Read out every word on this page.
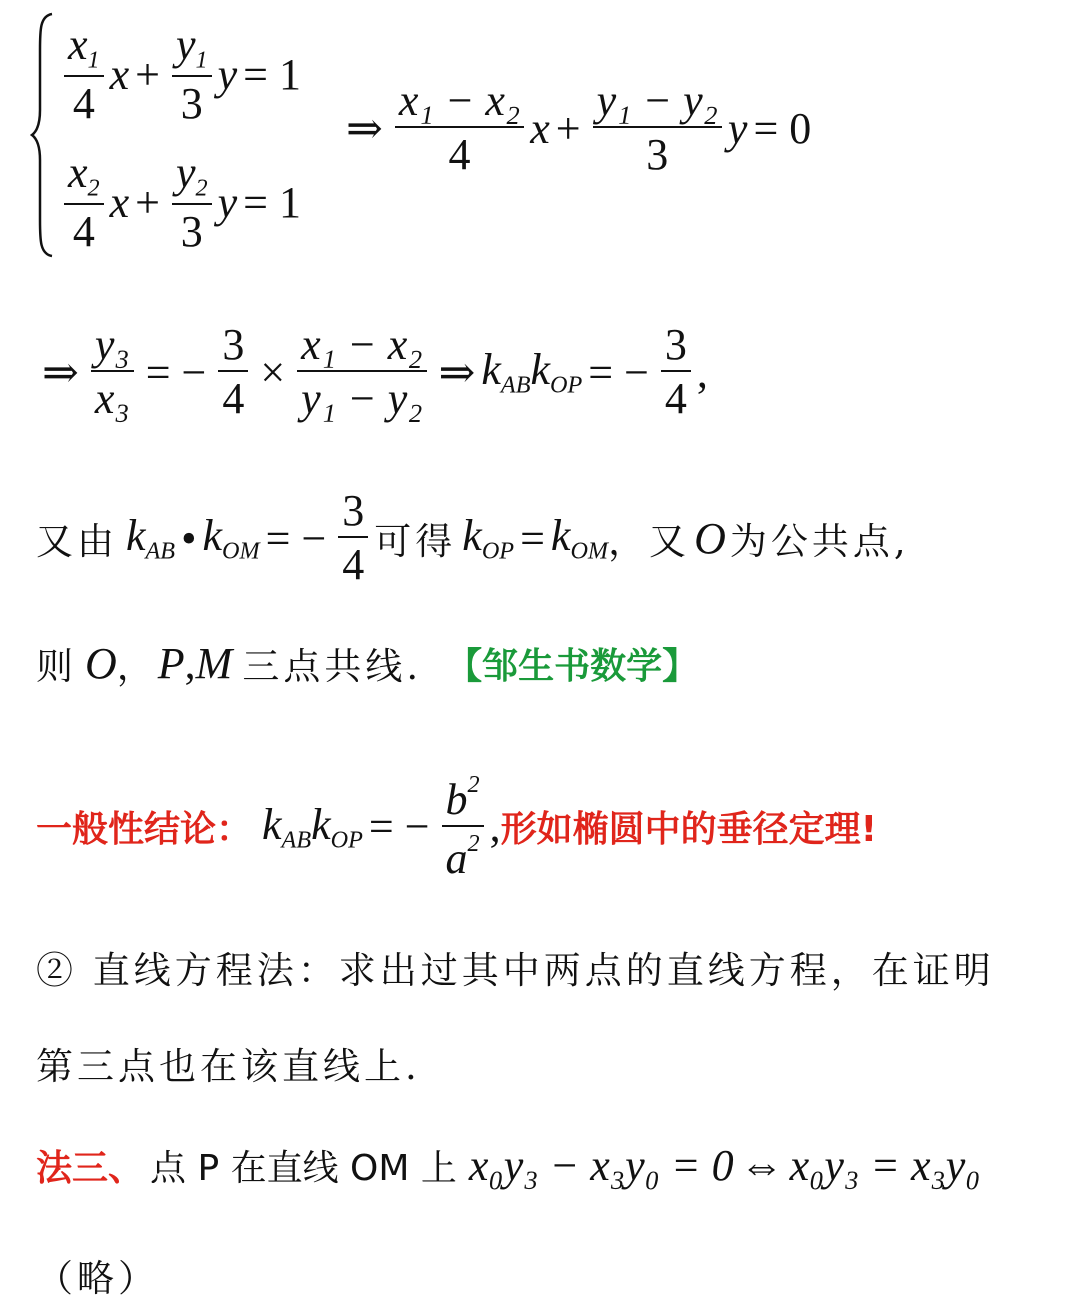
$\frac{x_1}{4}$ $x + \frac{y_1}{3}$ y = 1
$\frac{x_2}{4}$ $x + \frac{y_2}{3}$ y = 1
⇒ $\frac{\text{x₁ − x₂}}{4}$ $x + \frac{\text{y₁ − y₂}}{3}$ y = 0
⇒ $\frac{\text{y₃}}{\text{x₃}}$ = − $\frac{3}{4} \times \frac{\text{x₁ − x₂}}{\text{y₁ − y₂}}$ ⇒ $k_{AB}k_{OP}$ = − $\frac{3}{4}$ ,
又由 $k_{AB}$ • $k_{OM}$ = − $\frac{3}{4}$ 可得 $k_{OP} = k_{OM}$ ，又 O 为公共点,
则 O ， P , M 三点共线. 【邹生书数学】
一般性结论： $k_{AB}k_{OP}$ = − $\frac{b^2}{a^2}$ , 形如椭圆中的垂径定理!
② 直线方程法：求出过其中两点的直线方程，在证明
第三点也在该直线上.
法三、 点 P 在直线 OM 上 x₀y₃ − x₃y₀ = 0 ⇔ x₀y₃ = x₃y₀
（略）
